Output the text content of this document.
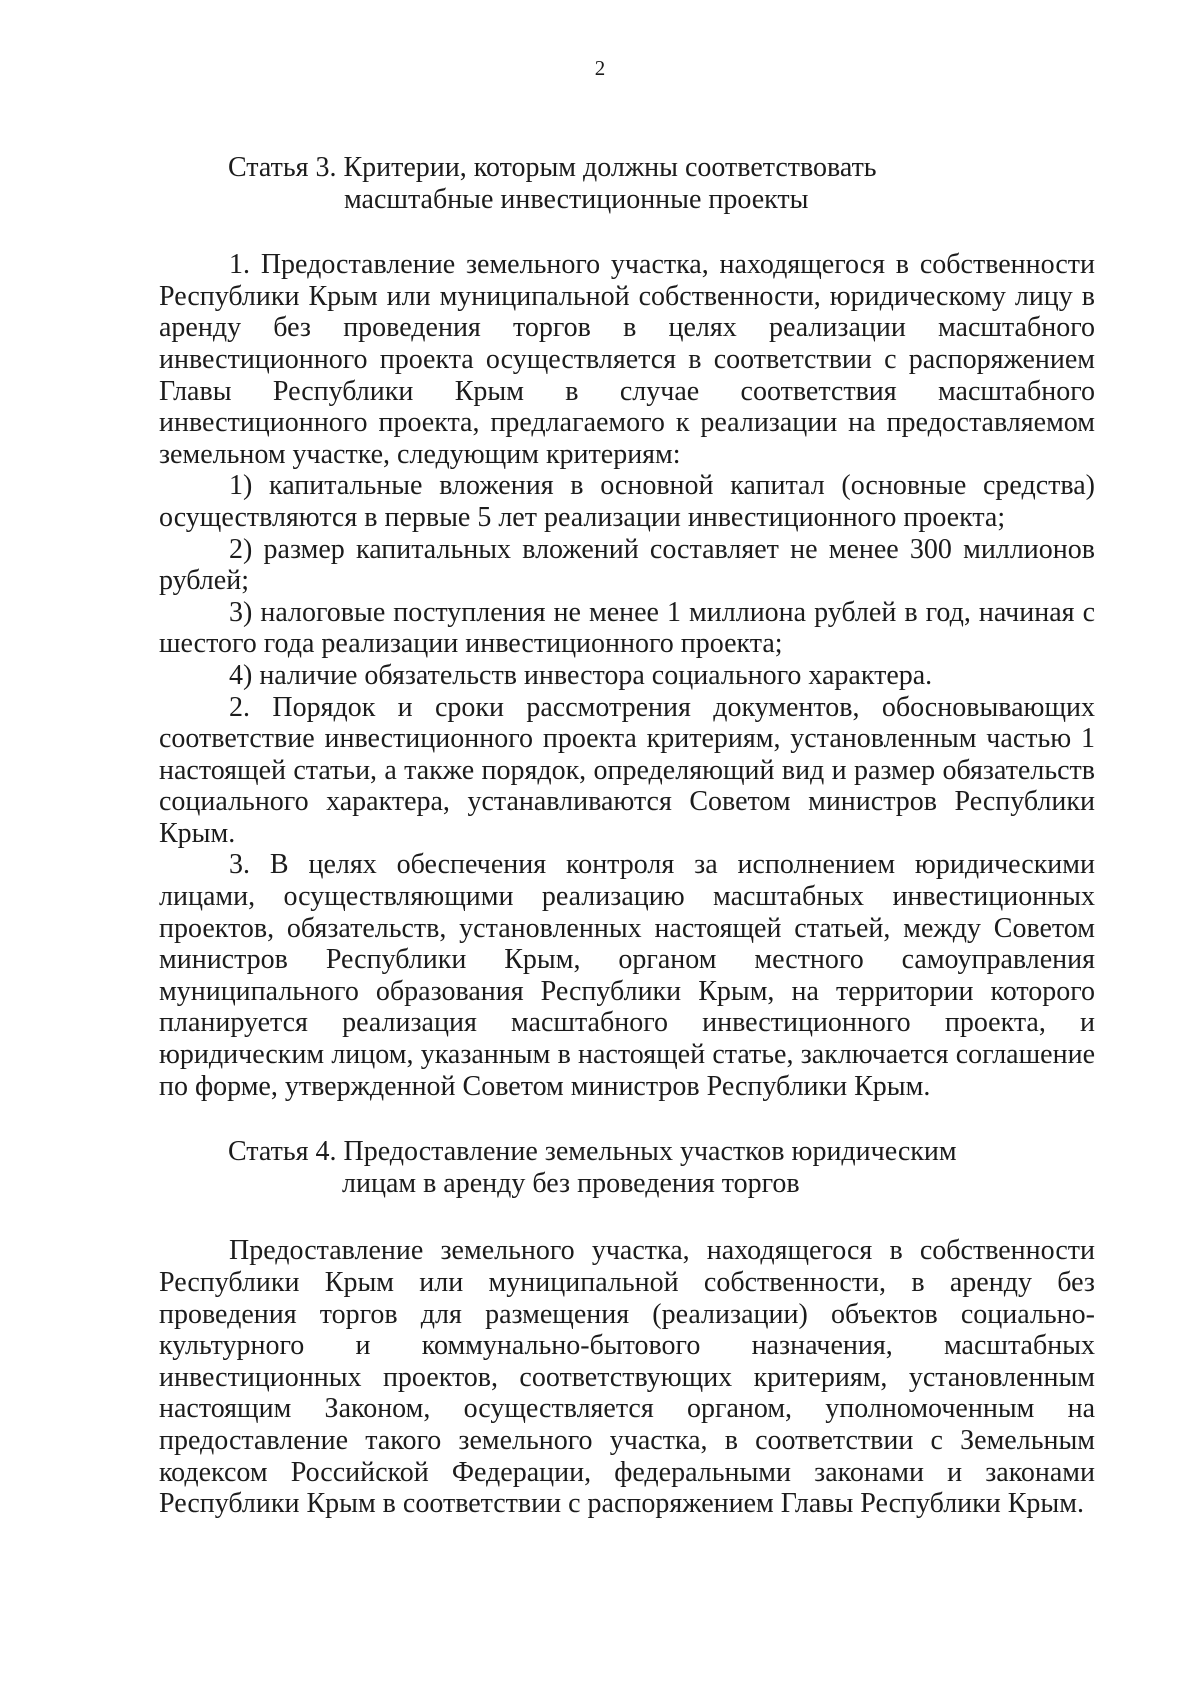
2

Статья 3. Критерии, которым должны соответствовать
масштабные инвестиционные проекты

1. Предоставление земельного участка, находящегося в собственности Республики Крым или муниципальной собственности, юридическому лицу в аренду без проведения торгов в целях реализации масштабного инвестиционного проекта осуществляется в соответствии с распоряжением Главы Республики Крым в случае соответствия масштабного инвестиционного проекта, предлагаемого к реализации на предоставляемом земельном участке, следующим критериям:

1) капитальные вложения в основной капитал (основные средства) осуществляются в первые 5 лет реализации инвестиционного проекта;

2) размер капитальных вложений составляет не менее 300 миллионов рублей;

3) налоговые поступления не менее 1 миллиона рублей в год, начиная с шестого года реализации инвестиционного проекта;

4) наличие обязательств инвестора социального характера.

2. Порядок и сроки рассмотрения документов, обосновывающих соответствие инвестиционного проекта критериям, установленным частью 1 настоящей статьи, а также порядок, определяющий вид и размер обязательств социального характера, устанавливаются Советом министров Республики Крым.

3. В целях обеспечения контроля за исполнением юридическими лицами, осуществляющими реализацию масштабных инвестиционных проектов, обязательств, установленных настоящей статьей, между Советом министров Республики Крым, органом местного самоуправления муниципального образования Республики Крым, на территории которого планируется реализация масштабного инвестиционного проекта, и юридическим лицом, указанным в настоящей статье, заключается соглашение по форме, утвержденной Советом министров Республики Крым.

Статья 4. Предоставление земельных участков юридическим
лицам в аренду без проведения торгов

Предоставление земельного участка, находящегося в собственности Республики Крым или муниципальной собственности, в аренду без проведения торгов для размещения (реализации) объектов социально-культурного и коммунально-бытового назначения, масштабных инвестиционных проектов, соответствующих критериям, установленным настоящим Законом, осуществляется органом, уполномоченным на предоставление такого земельного участка, в соответствии с Земельным кодексом Российской Федерации, федеральными законами и законами Республики Крым в соответствии с распоряжением Главы Республики Крым.
